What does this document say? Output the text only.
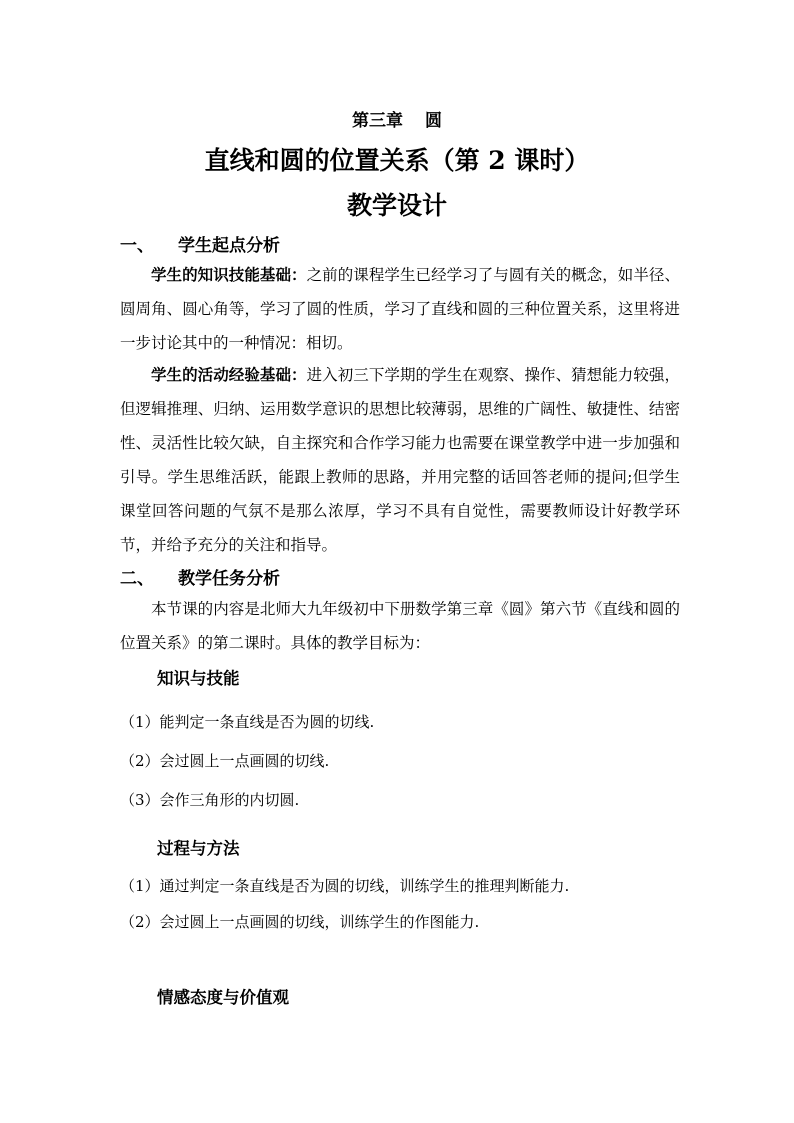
第三章 圆
直线和圆的位置关系（第 2 课时）
教学设计
一、 学生起点分析
学生的知识技能基础：之前的课程学生已经学习了与圆有关的概念，如半径、圆周角、圆心角等，学习了圆的性质，学习了直线和圆的三种位置关系，这里将进一步讨论其中的一种情况：相切。
学生的活动经验基础：进入初三下学期的学生在观察、操作、猜想能力较强，但逻辑推理、归纳、运用数学意识的思想比较薄弱，思维的广阔性、敏捷性、结密性、灵活性比较欠缺，自主探究和合作学习能力也需要在课堂教学中进一步加强和引导。学生思维活跃，能跟上教师的思路，并用完整的话回答老师的提问;但学生课堂回答问题的气氛不是那么浓厚，学习不具有自觉性，需要教师设计好教学环节，并给予充分的关注和指导。
二、 教学任务分析
本节课的内容是北师大九年级初中下册数学第三章《圆》第六节《直线和圆的位置关系》的第二课时。具体的教学目标为：
知识与技能
（1）能判定一条直线是否为圆的切线.
（2）会过圆上一点画圆的切线.
（3）会作三角形的内切圆.
过程与方法
（1）通过判定一条直线是否为圆的切线，训练学生的推理判断能力.
（2）会过圆上一点画圆的切线，训练学生的作图能力.
情感态度与价值观
